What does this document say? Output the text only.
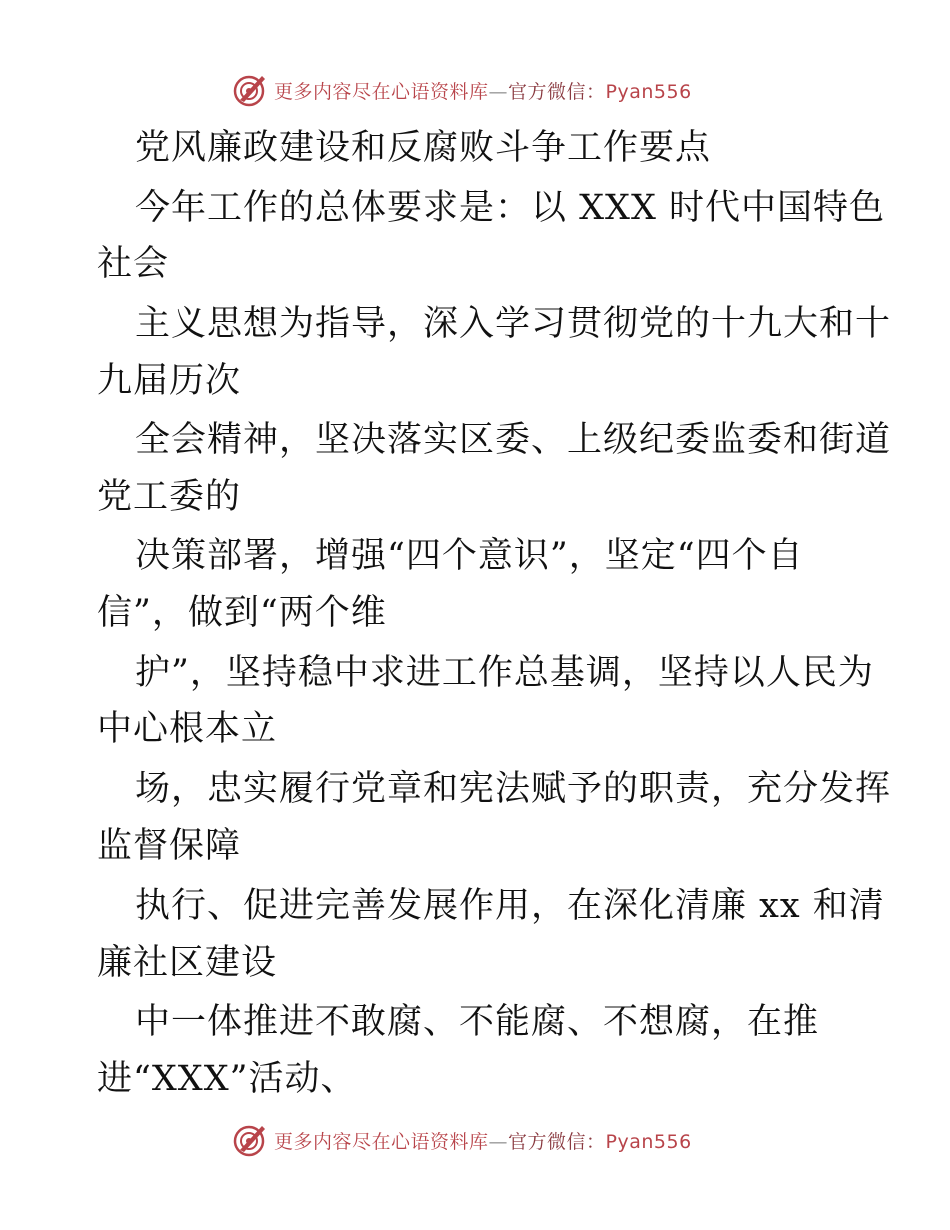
更多内容尽在心语资料库—官方微信：Pyan556
党风廉政建设和反腐败斗争工作要点
今年工作的总体要求是：以 XXX 时代中国特色
社会
主义思想为指导，深入学习贯彻党的十九大和十
九届历次
全会精神，坚决落实区委、上级纪委监委和街道
党工委的
决策部署，增强“四个意识”，坚定“四个自
信”，做到“两个维
护”，坚持稳中求进工作总基调，坚持以人民为
中心根本立
场，忠实履行党章和宪法赋予的职责，充分发挥
监督保障
执行、促进完善发展作用，在深化清廉 xx 和清
廉社区建设
中一体推进不敢腐、不能腐、不想腐，在推
进“XXX”活动、
更多内容尽在心语资料库—官方微信：Pyan556
